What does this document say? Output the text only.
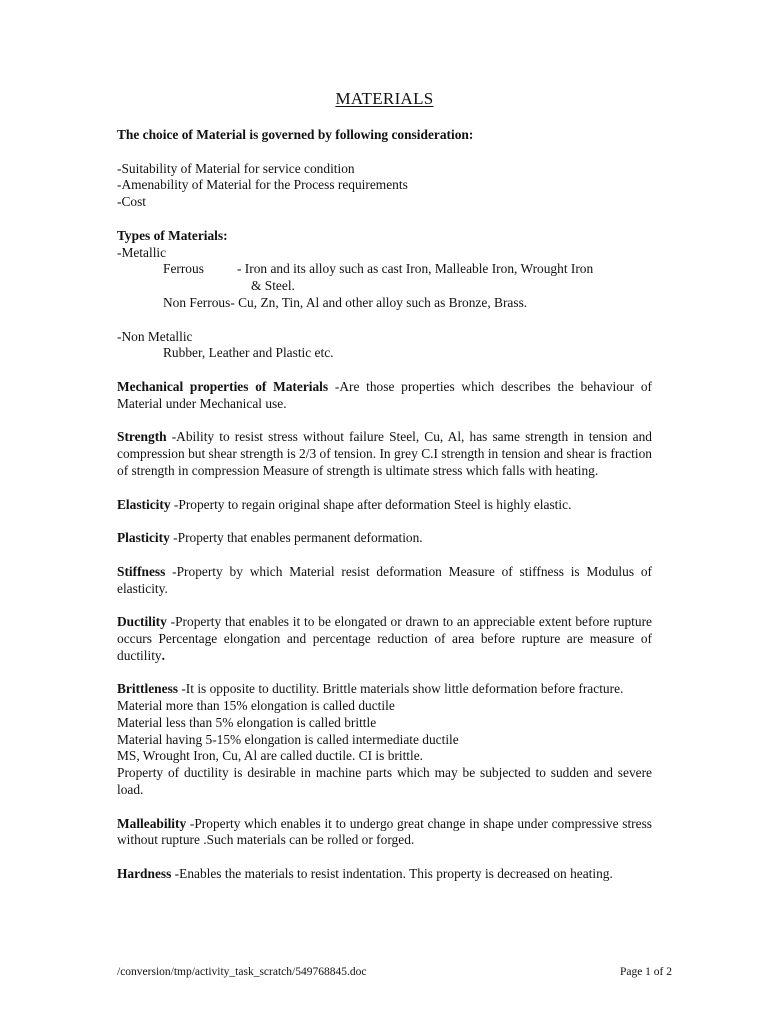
MATERIALS

The choice of Material is governed by following consideration:

-Suitability of Material for service condition

-Amenability of Material for the Process requirements

-Cost

Types of Materials:

-Metallic

Ferrous	- Iron and its alloy such as cast Iron, Malleable Iron, Wrought Iron

& Steel.

Non Ferrous- Cu, Zn, Tin, Al and other alloy such as Bronze, Brass.

-Non Metallic

Rubber, Leather and Plastic etc.

Mechanical properties of Materials -Are those properties which describes the behaviour of Material under Mechanical use.

Strength -Ability to resist stress without failure Steel, Cu, Al, has same strength in tension and compression but shear strength is 2/3 of tension. In grey C.I strength in tension and shear is fraction of strength in compression Measure of strength is ultimate stress which falls with heating.

Elasticity -Property to regain original shape after deformation Steel is highly elastic.

Plasticity -Property that enables permanent deformation.

Stiffness -Property by which Material resist deformation Measure of stiffness is Modulus of elasticity.

Ductility -Property that enables it to be elongated or drawn to an appreciable extent before rupture occurs Percentage elongation and percentage reduction of area before rupture are measure of ductility.

Brittleness -It is opposite to ductility. Brittle materials show little deformation before fracture.

Material more than 15% elongation is called ductile

Material less than 5% elongation is called brittle

Material having 5-15% elongation is called intermediate ductile

MS, Wrought Iron, Cu, Al are called ductile. CI is brittle.

Property of ductility is desirable in machine parts which may be subjected to sudden and severe load.

Malleability -Property which enables it to undergo great change in shape under compressive stress without rupture .Such materials can be rolled or forged.

Hardness -Enables the materials to resist indentation. This property is decreased on heating.

/conversion/tmp/activity_task_scratch/549768845.doc	Page 1 of 2
